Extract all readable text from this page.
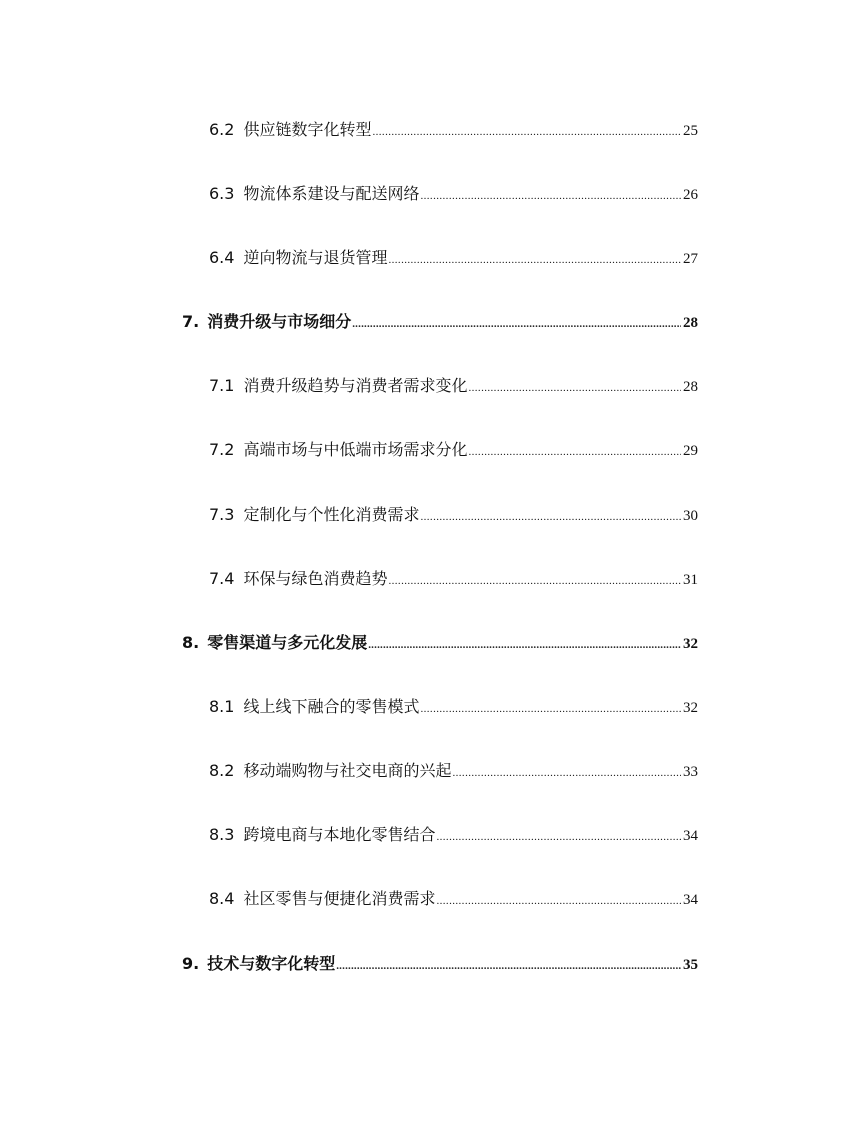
6.2 供应链数字化转型 .....	25
6.3 物流体系建设与配送网络 .....	26
6.4 逆向物流与退货管理 .....	27
7. 消费升级与市场细分 .....	28
7.1 消费升级趋势与消费者需求变化 .....	28
7.2 高端市场与中低端市场需求分化 .....	29
7.3 定制化与个性化消费需求 .....	30
7.4 环保与绿色消费趋势 .....	31
8. 零售渠道与多元化发展 .....	32
8.1 线上线下融合的零售模式 .....	32
8.2 移动端购物与社交电商的兴起 .....	33
8.3 跨境电商与本地化零售结合 .....	34
8.4 社区零售与便捷化消费需求 .....	34
9. 技术与数字化转型 .....	35
